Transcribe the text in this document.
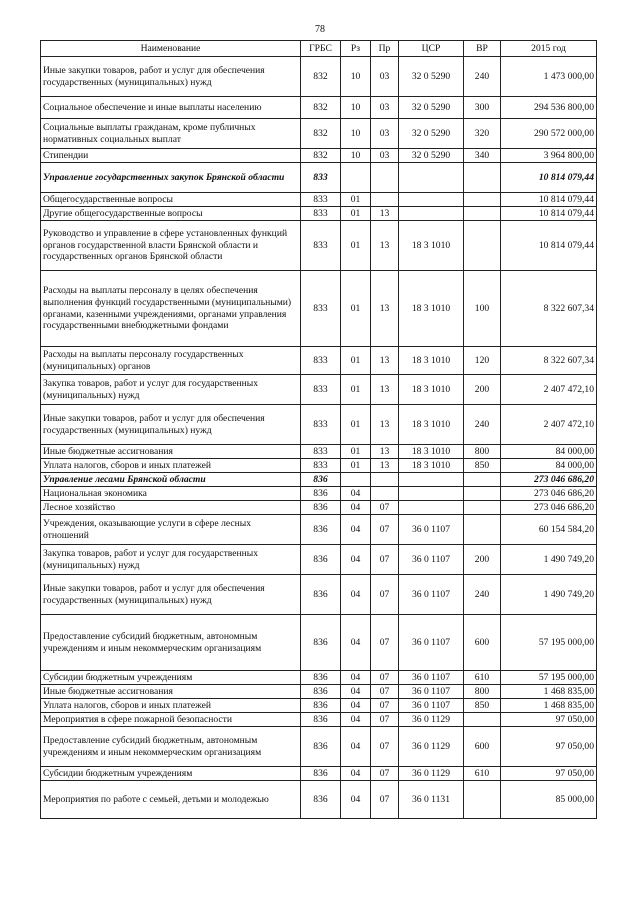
78
Наименование	ГРБС	Рз	Пр	ЦСР	ВР	2015 год
Иные закупки товаров, работ и услуг для обеспечения государственных (муниципальных) нужд	832	10	03	32 0 5290	240	1 473 000,00
Социальное обеспечение и иные выплаты населению	832	10	03	32 0 5290	300	294 536 800,00
Социальные выплаты гражданам, кроме публичных нормативных социальных выплат	832	10	03	32 0 5290	320	290 572 000,00
Стипендии	832	10	03	32 0 5290	340	3 964 800,00
Управление государственных закупок Брянской области	833					10 814 079,44
Общегосударственные вопросы	833	01				10 814 079,44
Другие общегосударственные вопросы	833	01	13			10 814 079,44
Руководство и управление в сфере установленных функций органов государственной власти Брянской области и государственных органов Брянской области	833	01	13	18 3 1010		10 814 079,44
Расходы на выплаты персоналу в целях обеспечения выполнения функций государственными (муниципальными) органами, казенными учреждениями, органами управления государственными внебюджетными фондами	833	01	13	18 3 1010	100	8 322 607,34
Расходы на выплаты персоналу государственных (муниципальных) органов	833	01	13	18 3 1010	120	8 322 607,34
Закупка товаров, работ и услуг для государственных (муниципальных) нужд	833	01	13	18 3 1010	200	2 407 472,10
Иные закупки товаров, работ и услуг для обеспечения государственных (муниципальных) нужд	833	01	13	18 3 1010	240	2 407 472,10
Иные бюджетные ассигнования	833	01	13	18 3 1010	800	84 000,00
Уплата налогов, сборов и иных платежей	833	01	13	18 3 1010	850	84 000,00
Управление лесами Брянской области	836					273 046 686,20
Национальная экономика	836	04				273 046 686,20
Лесное хозяйство	836	04	07			273 046 686,20
Учреждения, оказывающие услуги в сфере лесных отношений	836	04	07	36 0 1107		60 154 584,20
Закупка товаров, работ и услуг для государственных (муниципальных) нужд	836	04	07	36 0 1107	200	1 490 749,20
Иные закупки товаров, работ и услуг для обеспечения государственных (муниципальных) нужд	836	04	07	36 0 1107	240	1 490 749,20
Предоставление субсидий бюджетным, автономным учреждениям и иным некоммерческим организациям	836	04	07	36 0 1107	600	57 195 000,00
Субсидии бюджетным учреждениям	836	04	07	36 0 1107	610	57 195 000,00
Иные бюджетные ассигнования	836	04	07	36 0 1107	800	1 468 835,00
Уплата налогов, сборов и иных платежей	836	04	07	36 0 1107	850	1 468 835,00
Мероприятия в сфере пожарной безопасности	836	04	07	36 0 1129		97 050,00
Предоставление субсидий бюджетным, автономным учреждениям и иным некоммерческим организациям	836	04	07	36 0 1129	600	97 050,00
Субсидии бюджетным учреждениям	836	04	07	36 0 1129	610	97 050,00
Мероприятия по работе с семьей, детьми и молодежью	836	04	07	36 0 1131		85 000,00
